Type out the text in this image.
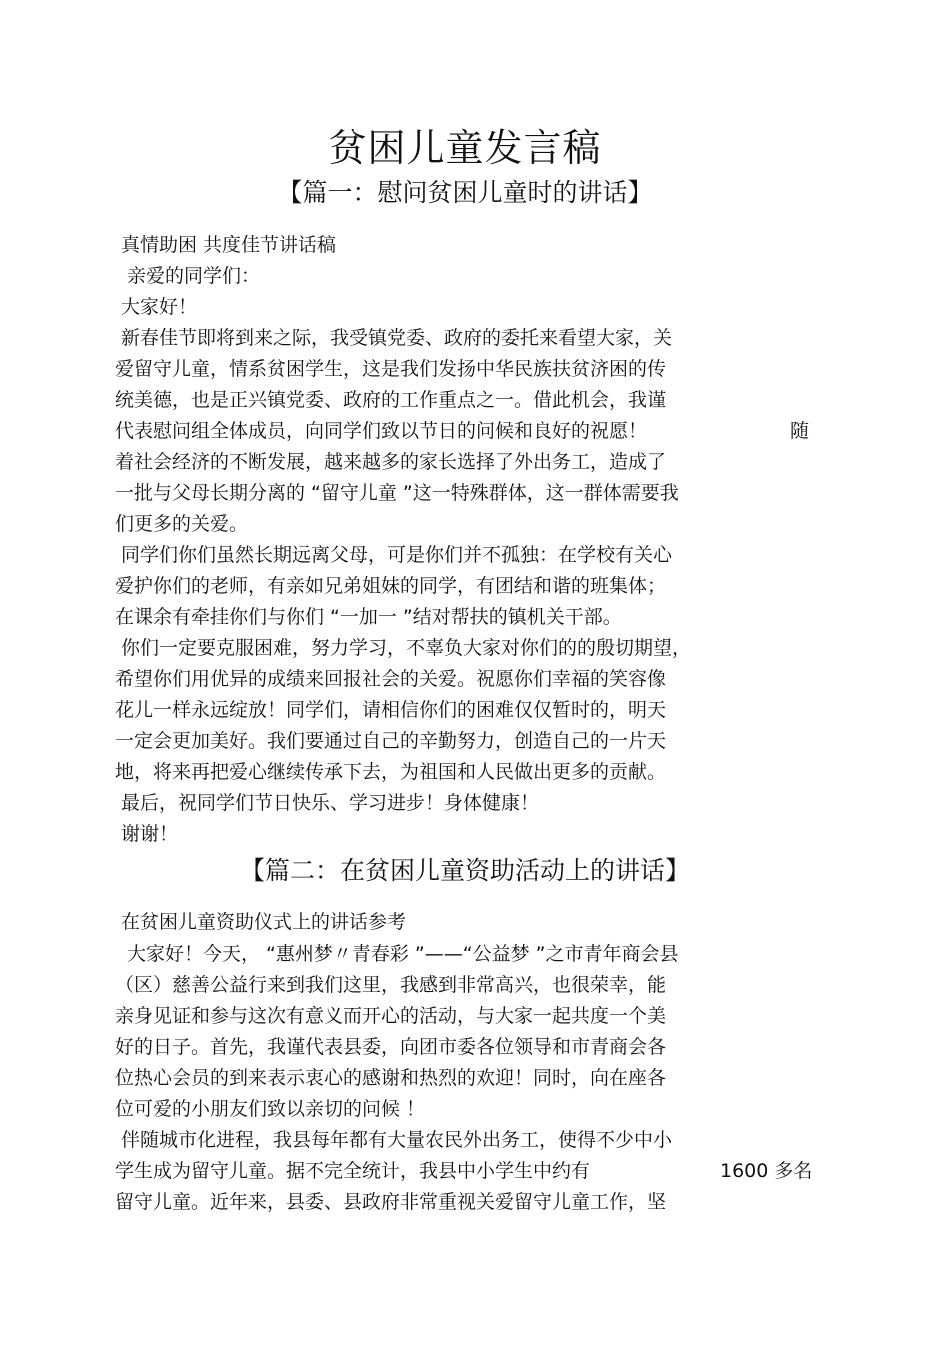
贫困儿童发言稿
【篇一：慰问贫困儿童时的讲话】
真情助困 共度佳节讲话稿
亲爱的同学们：
大家好！
新春佳节即将到来之际，我受镇党委、政府的委托来看望大家，关
爱留守儿童，情系贫困学生，这是我们发扬中华民族扶贫济困的传
统美德，也是正兴镇党委、政府的工作重点之一。借此机会，我谨
代表慰问组全体成员，向同学们致以节日的问候和良好的祝愿！	随
着社会经济的不断发展，越来越多的家长选择了外出务工，造成了
一批与父母长期分离的 “留守儿童 ”这一特殊群体，这一群体需要我
们更多的关爱。
同学们你们虽然长期远离父母，可是你们并不孤独：在学校有关心
爱护你们的老师，有亲如兄弟姐妹的同学，有团结和谐的班集体；
在课余有牵挂你们与你们 “一加一 ”结对帮扶的镇机关干部。
你们一定要克服困难，努力学习，不辜负大家对你们的的殷切期望，
希望你们用优异的成绩来回报社会的关爱。祝愿你们幸福的笑容像
花儿一样永远绽放！同学们，请相信你们的困难仅仅暂时的，明天
一定会更加美好。我们要通过自己的辛勤努力，创造自己的一片天
地，将来再把爱心继续传承下去，为祖国和人民做出更多的贡献。
最后，祝同学们节日快乐、学习进步！身体健康！
谢谢！
【篇二：在贫困儿童资助活动上的讲话】
在贫困儿童资助仪式上的讲话参考
大家好！今天， “惠州梦〃青春彩 ”——“公益梦 ”之市青年商会县
（区）慈善公益行来到我们这里，我感到非常高兴，也很荣幸，能
亲身见证和参与这次有意义而开心的活动，与大家一起共度一个美
好的日子。首先，我谨代表县委，向团市委各位领导和市青商会各
位热心会员的到来表示衷心的感谢和热烈的欢迎！同时，向在座各
位可爱的小朋友们致以亲切的问候 ！
伴随城市化进程，我县每年都有大量农民外出务工，使得不少中小
学生成为留守儿童。据不完全统计，我县中小学生中约有	1600 多名
留守儿童。近年来，县委、县政府非常重视关爱留守儿童工作，坚
